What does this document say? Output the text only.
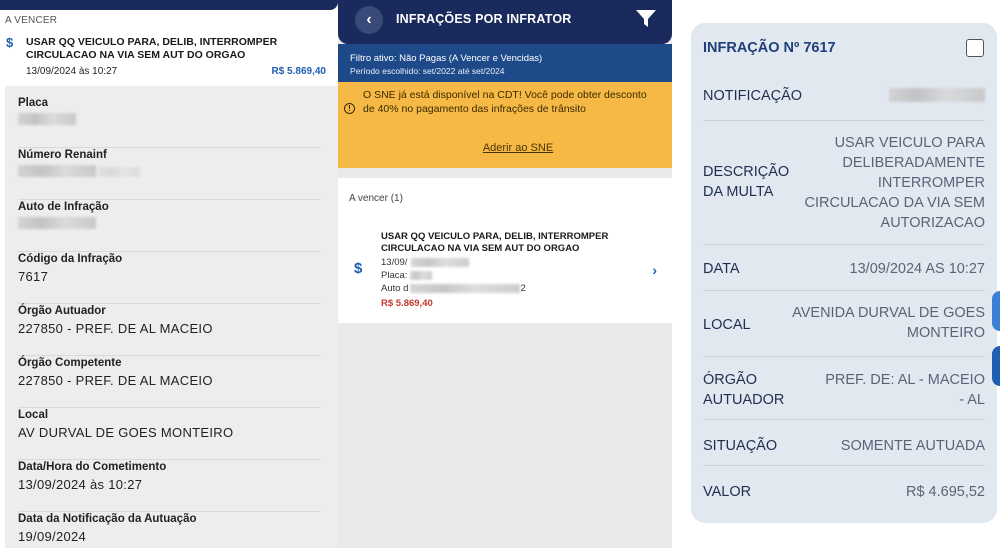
A VENCER
$ USAR QQ VEICULO PARA, DELIB, INTERROMPER CIRCULACAO NA VIA SEM AUT DO ORGAO
13/09/2024 às 10:27	R$ 5.869,40
Placa
Número Renainf
Auto de Infração
Código da Infração
7617
Órgão Autuador
227850 - PREF. DE AL MACEIO
Órgão Competente
227850 - PREF. DE AL MACEIO
Local
AV DURVAL DE GOES MONTEIRO
Data/Hora do Cometimento
13/09/2024 às 10:27
Data da Notificação da Autuação
19/09/2024
‹	INFRAÇÕES POR INFRATOR
Filtro ativo: Não Pagas (A Vencer e Vencidas)
Período escolhido: set/2022 até set/2024
!
O SNE já está disponível na CDT! Você pode obter desconto de 40% no pagamento das infrações de trânsito
Aderir ao SNE
A vencer (1)
$
USAR QQ VEICULO PARA, DELIB, INTERROMPER CIRCULACAO NA VIA SEM AUT DO ORGAO
13/09/
Placa:
Auto d	2
R$ 5.869,40
›
INFRAÇÃO Nº 7617
NOTIFICAÇÃO
DESCRIÇÃO DA MULTA
USAR VEICULO PARA DELIBERADAMENTE INTERROMPER CIRCULACAO DA VIA SEM AUTORIZACAO
DATA	13/09/2024 AS 10:27
LOCAL
AVENIDA DURVAL DE GOES MONTEIRO
ÓRGÃO AUTUADOR
PREF. DE: AL - MACEIO - AL
SITUAÇÃO	SOMENTE AUTUADA
VALOR	R$ 4.695,52
